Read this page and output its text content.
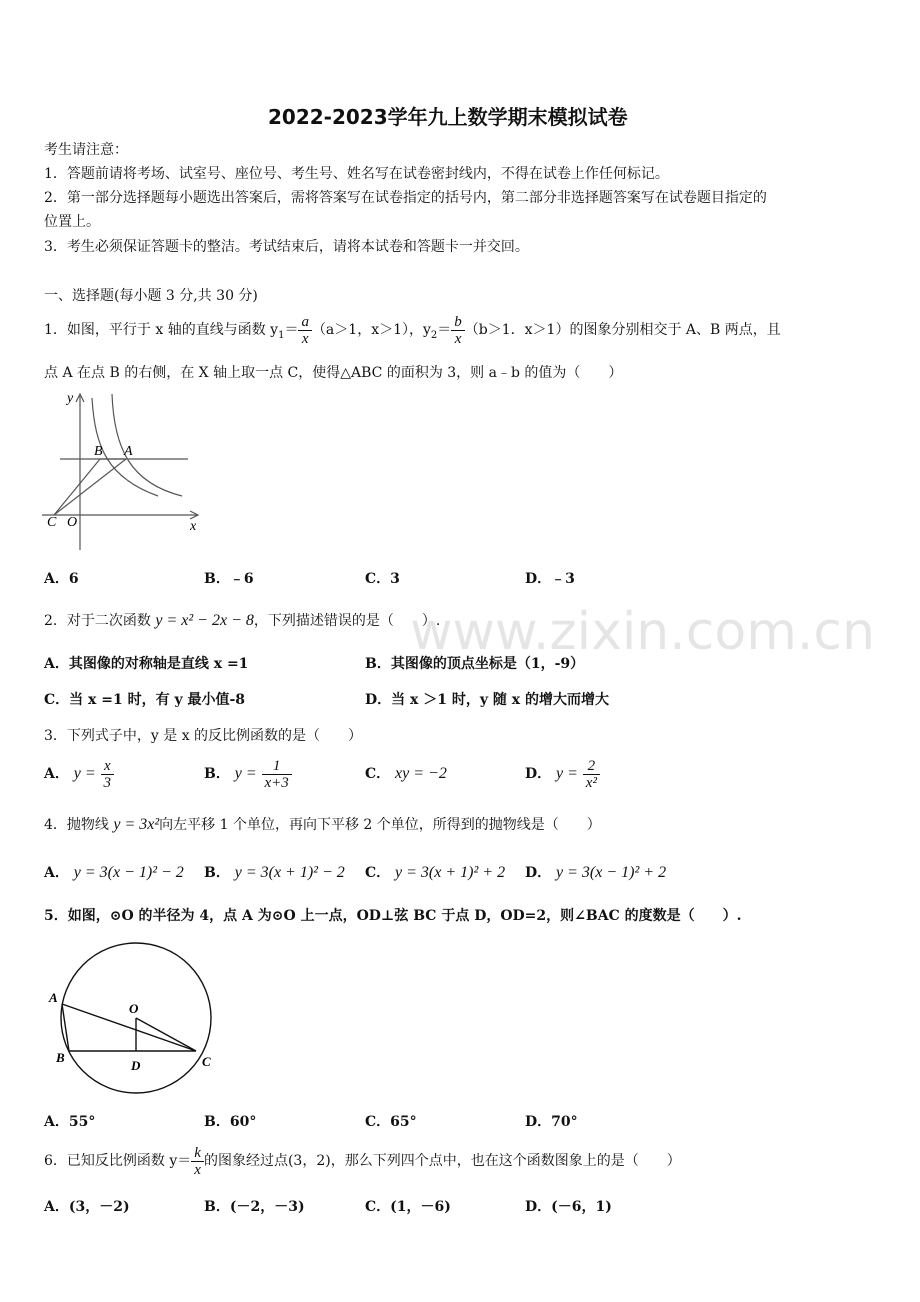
2022-2023学年九上数学期末模拟试卷
考生请注意：
1．答题前请将考场、试室号、座位号、考生号、姓名写在试卷密封线内，不得在试卷上作任何标记。
2．第一部分选择题每小题选出答案后，需将答案写在试卷指定的括号内，第二部分非选择题答案写在试卷题目指定的
位置上。
3．考生必须保证答题卡的整洁。考试结束后，请将本试卷和答题卡一并交回。
一、选择题(每小题 3 分,共 30 分)
1．如图，平行于 x 轴的直线与函数 $y_1= \frac{a}{x} (a>1$，x＞1），$y_2= \frac{b}{x} (b>1$．x＞1）的图象分别相交于 A、B 两点，且
点 A 在点 B 的右侧，在 X 轴上取一点 C，使得△ABC 的面积为 3，则 a﹣b 的值为（　　）
y
x
B A
C O
A．6	B．﹣6	C．3	D．﹣3
www.zixin.com.cn
2．对于二次函数 y = x² − 2x − 8，下列描述错误的是（　　）.
A．其图像的对称轴是直线 x =1	B．其图像的顶点坐标是（1，-9）
C．当 x =1 时，有 y 最小值-8	D．当 x ＞1 时，y 随 x 的增大而增大
3．下列式子中，y 是 x 的反比例函数的是（　　）
A． $y = \frac{x}{3}$	B． $y = \frac{1}{x+3}$	C． xy = −2	D． $y = \frac{2}{\text{x²}}$
4．抛物线 y = 3x²向左平移 1 个单位，再向下平移 2 个单位，所得到的抛物线是（　　）
A． y = 3(x − 1)² − 2 B． y = 3(x + 1)² − 2 C． y = 3(x + 1)² + 2 D． y = 3(x − 1)² + 2
5．如图，⊙O 的半径为 4，点 A 为⊙O 上一点，OD⊥弦 BC 于点 D，OD=2，则∠BAC 的度数是（　　）.
A
B	C
D
O
A．55°	B．60°	C．65°	D．70°
6．已知反比例函数 $y= \frac{k}{x}$ 的图象经过点(3，2)，那么下列四个点中，也在这个函数图象上的是（　　）
A．(3，－2)	B．(－2，－3)	C．(1，－6)	D．(－6，1)
